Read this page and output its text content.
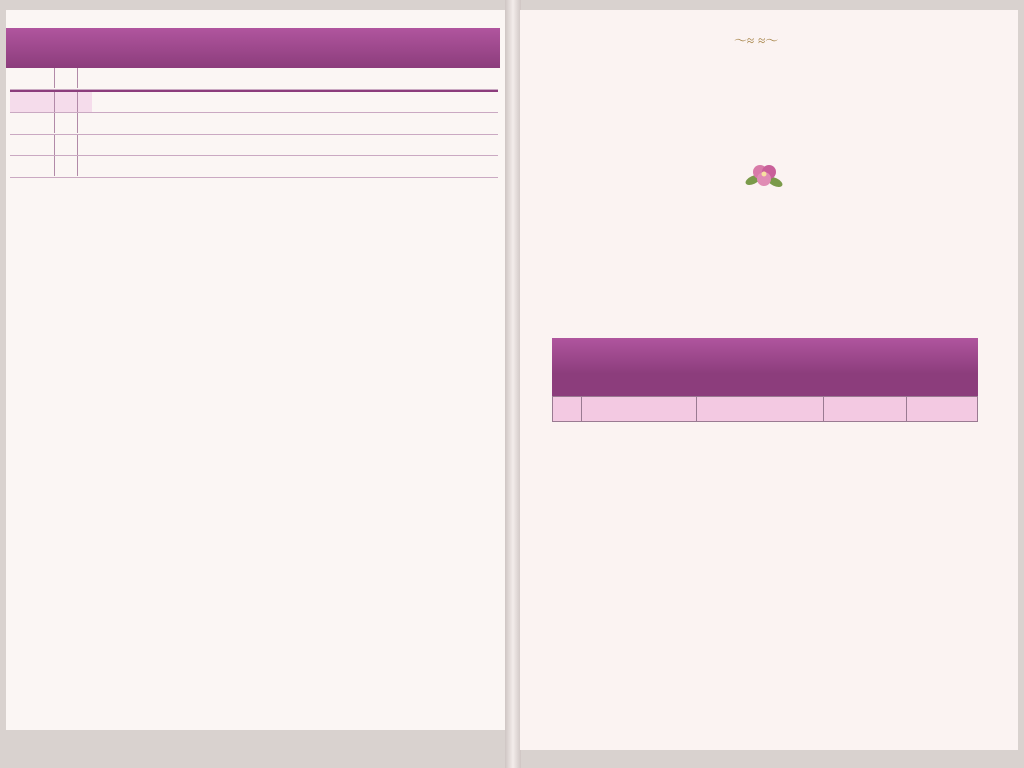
〜≈ ≈〜
